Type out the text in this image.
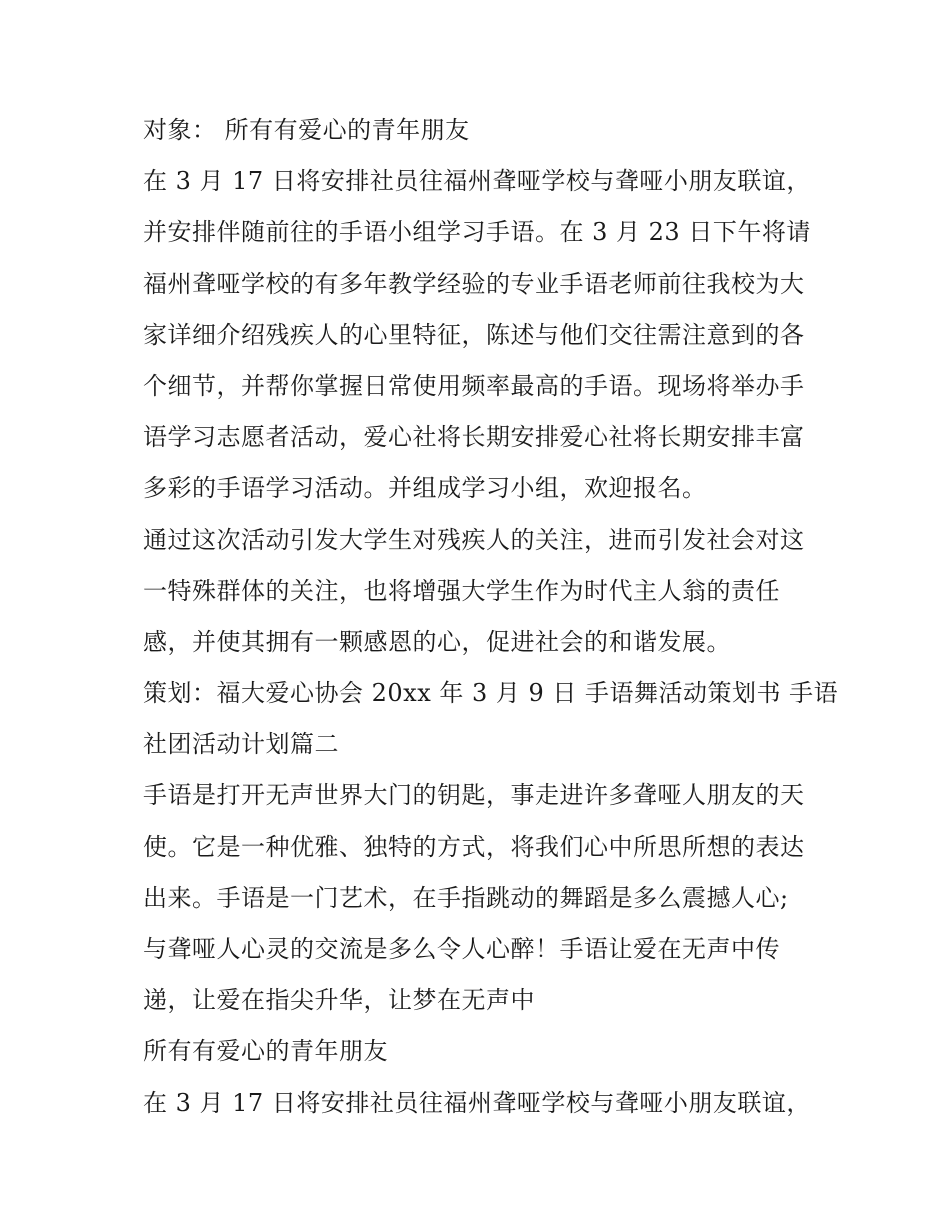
对象： 所有有爱心的青年朋友
在 3 月 17 日将安排社员往福州聋哑学校与聋哑小朋友联谊，
并安排伴随前往的手语小组学习手语。在 3 月 23 日下午将请
福州聋哑学校的有多年教学经验的专业手语老师前往我校为大
家详细介绍残疾人的心里特征，陈述与他们交往需注意到的各
个细节，并帮你掌握日常使用频率最高的手语。现场将举办手
语学习志愿者活动，爱心社将长期安排爱心社将长期安排丰富
多彩的手语学习活动。并组成学习小组，欢迎报名。
通过这次活动引发大学生对残疾人的关注，进而引发社会对这
一特殊群体的关注，也将增强大学生作为时代主人翁的责任
感，并使其拥有一颗感恩的心，促进社会的和谐发展。
策划：福大爱心协会 20xx 年 3 月 9 日 手语舞活动策划书 手语
社团活动计划篇二
手语是打开无声世界大门的钥匙，事走进许多聋哑人朋友的天
使。它是一种优雅、独特的方式，将我们心中所思所想的表达
出来。手语是一门艺术，在手指跳动的舞蹈是多么震撼人心;
与聋哑人心灵的交流是多么令人心醉！手语让爱在无声中传
递，让爱在指尖升华，让梦在无声中
所有有爱心的青年朋友
在 3 月 17 日将安排社员往福州聋哑学校与聋哑小朋友联谊，
